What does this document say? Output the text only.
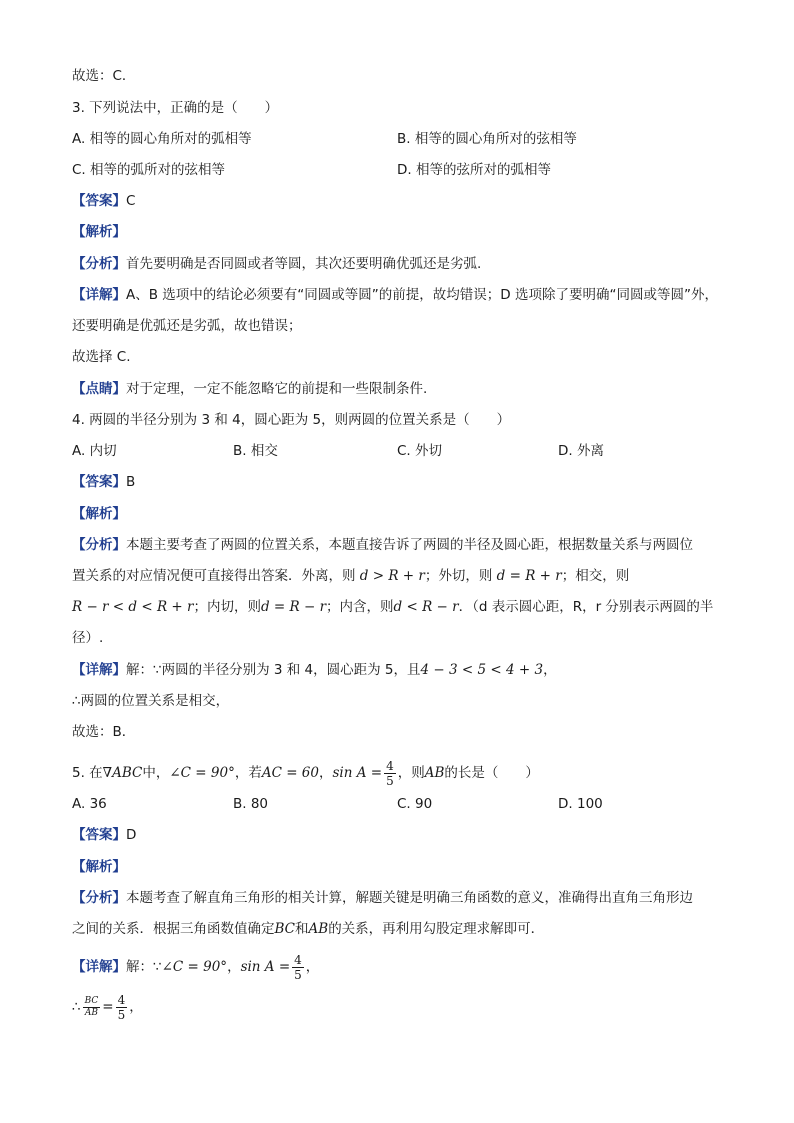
故选：C．
3. 下列说法中，正确的是（　　）
A. 相等的圆心角所对的弧相等	B. 相等的圆心角所对的弦相等
C. 相等的弧所对的弦相等	D. 相等的弦所对的弧相等
【答案】C
【解析】
【分析】首先要明确是否同圆或者等圆，其次还要明确优弧还是劣弧.
【详解】A、B 选项中的结论必须要有“同圆或等圆”的前提，故均错误；D 选项除了要明确“同圆或等圆”外，
还要明确是优弧还是劣弧，故也错误；
故选择 C.
【点睛】对于定理，一定不能忽略它的前提和一些限制条件.
4. 两圆的半径分别为 3 和 4，圆心距为 5，则两圆的位置关系是（　　）
A. 内切	B. 相交	C. 外切	D. 外离
【答案】B
【解析】
【分析】本题主要考查了两圆的位置关系，本题直接告诉了两圆的半径及圆心距，根据数量关系与两圆位
置关系的对应情况便可直接得出答案．外离，则 d > R + r；外切，则 d = R + r；相交，则
R − r < d < R + r；内切，则d = R − r；内含，则d < R − r．（d 表示圆心距，R，r 分别表示两圆的半
径）.
【详解】解：∵两圆的半径分别为 3 和 4，圆心距为 5，且4 − 3 < 5 < 4 + 3，
∴两圆的位置关系是相交，
故选：B．
5. 在∇ABC中，∠C = 90°，若AC = 60，$\sin A = \frac{4}{5}$ ，则AB的长是（　　）
A. 36	B. 80	C. 90	D. 100
【答案】D
【解析】
【分析】本题考查了解直角三角形的相关计算，解题关键是明确三角函数的意义，准确得出直角三角形边
之间的关系．根据三角函数值确定BC和AB的关系，再利用勾股定理求解即可．
【详解】解：∵∠C = 90°，$\sin A = \frac{4}{5}$ ，
∴ $\frac{BC}{AB} = \frac{4}{5}$ ，
